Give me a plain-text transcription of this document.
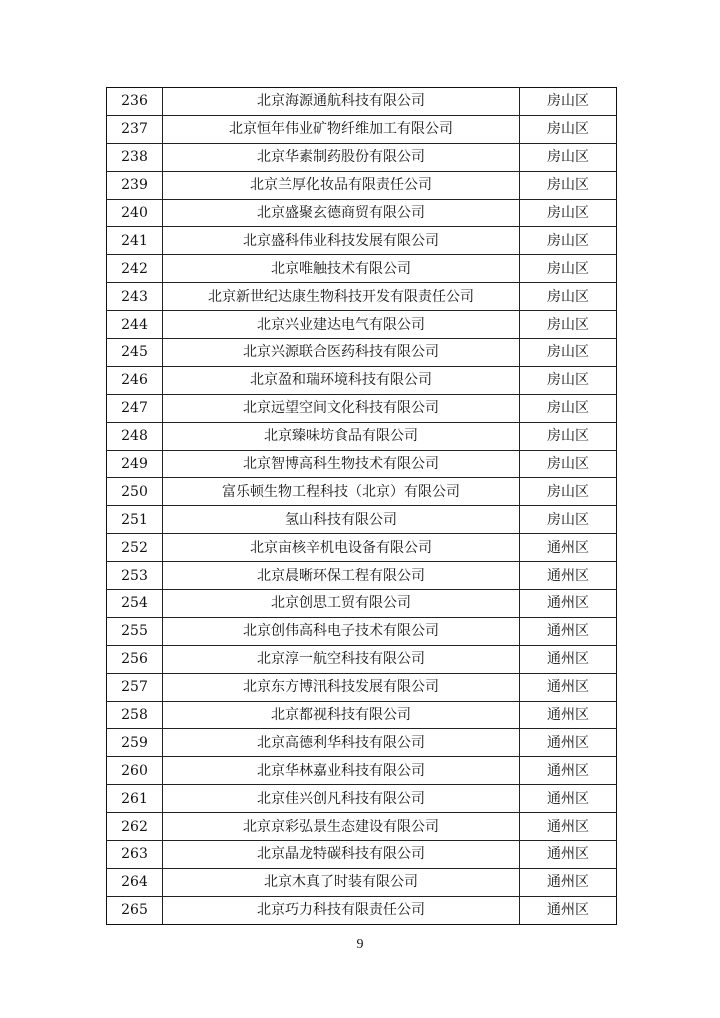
236	北京海源通航科技有限公司	房山区
237	北京恒年伟业矿物纤维加工有限公司	房山区
238	北京华素制药股份有限公司	房山区
239	北京兰厚化妆品有限责任公司	房山区
240	北京盛聚玄德商贸有限公司	房山区
241	北京盛科伟业科技发展有限公司	房山区
242	北京唯触技术有限公司	房山区
243	北京新世纪达康生物科技开发有限责任公司	房山区
244	北京兴业建达电气有限公司	房山区
245	北京兴源联合医药科技有限公司	房山区
246	北京盈和瑞环境科技有限公司	房山区
247	北京远望空间文化科技有限公司	房山区
248	北京臻味坊食品有限公司	房山区
249	北京智博高科生物技术有限公司	房山区
250	富乐顿生物工程科技（北京）有限公司	房山区
251	氢山科技有限公司	房山区
252	北京亩核辛机电设备有限公司	通州区
253	北京晨晰环保工程有限公司	通州区
254	北京创思工贸有限公司	通州区
255	北京创伟高科电子技术有限公司	通州区
256	北京淳一航空科技有限公司	通州区
257	北京东方博汛科技发展有限公司	通州区
258	北京都视科技有限公司	通州区
259	北京高德利华科技有限公司	通州区
260	北京华林嘉业科技有限公司	通州区
261	北京佳兴创凡科技有限公司	通州区
262	北京京彩弘景生态建设有限公司	通州区
263	北京晶龙特碳科技有限公司	通州区
264	北京木真了时装有限公司	通州区
265	北京巧力科技有限责任公司	通州区
9
